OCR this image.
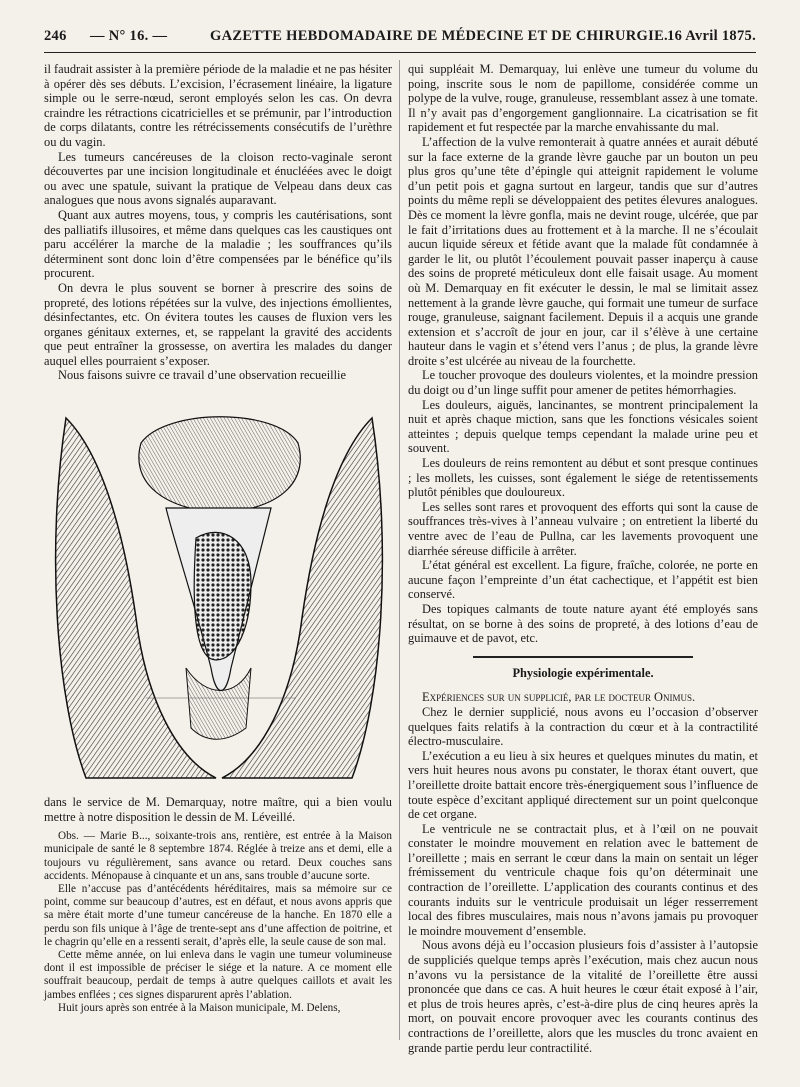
246 — N° 16. —	GAZETTE HEBDOMADAIRE DE MÉDECINE ET DE CHIRURGIE. 16 Avril 1875.

il faudrait assister à la première période de la maladie et ne pas hésiter à opérer dès ses débuts. L’excision, l’écrasement linéaire, la ligature simple ou le serre-nœud, seront employés selon les cas. On devra craindre les rétractions cicatricielles et se prémunir, par l’introduction de corps dilatants, contre les rétrécissements consécutifs de l’urèthre ou du vagin.

Les tumeurs cancéreuses de la cloison recto-vaginale seront découvertes par une incision longitudinale et énucléées avec le doigt ou avec une spatule, suivant la pratique de Velpeau dans deux cas analogues que nous avons signalés auparavant.

Quant aux autres moyens, tous, y compris les cautérisations, sont des palliatifs illusoires, et même dans quelques cas les caustiques ont paru accélérer la marche de la maladie ; les souffrances qu’ils déterminent sont donc loin d’être compensées par le bénéfice qu’ils procurent.

On devra le plus souvent se borner à prescrire des soins de propreté, des lotions répétées sur la vulve, des injections émollientes, désinfectantes, etc. On évitera toutes les causes de fluxion vers les organes génitaux externes, et, se rappelant la gravité des accidents que peut entraîner la grossesse, on avertira les malades du danger auquel elles pourraient s’exposer.

Nous faisons suivre ce travail d’une observation recueillie

dans le service de M. Demarquay, notre maître, qui a bien voulu mettre à notre disposition le dessin de M. Léveillé.

Obs. — Marie B..., soixante-trois ans, rentière, est entrée à la Maison municipale de santé le 8 septembre 1874. Réglée à treize ans et demi, elle a toujours vu régulièrement, sans avance ou retard. Deux couches sans accidents. Ménopause à cinquante et un ans, sans trouble d’aucune sorte.

Elle n’accuse pas d’antécédents héréditaires, mais sa mémoire sur ce point, comme sur beaucoup d’autres, est en défaut, et nous avons appris que sa mère était morte d’une tumeur cancéreuse de la hanche. En 1870 elle a perdu son fils unique à l’âge de trente-sept ans d’une affection de poitrine, et le chagrin qu’elle en a ressenti serait, d’après elle, la seule cause de son mal.

Cette même année, on lui enleva dans le vagin une tumeur volumineuse dont il est impossible de préciser le siége et la nature. A ce moment elle souffrait beaucoup, perdait de temps à autre quelques caillots et avait les jambes enflées ; ces signes disparurent après l’ablation.

Huit jours après son entrée à la Maison municipale, M. Delens,

qui suppléait M. Demarquay, lui enlève une tumeur du volume du poing, inscrite sous le nom de papillome, considérée comme un polype de la vulve, rouge, granuleuse, ressemblant assez à une tomate. Il n’y avait pas d’engorgement ganglionnaire. La cicatrisation se fit rapidement et fut respectée par la marche envahissante du mal.

L’affection de la vulve remonterait à quatre années et aurait débuté sur la face externe de la grande lèvre gauche par un bouton un peu plus gros qu’une tête d’épingle qui atteignit rapidement le volume d’un petit pois et gagna surtout en largeur, tandis que sur d’autres points du même repli se développaient des petites élevures analogues. Dès ce moment la lèvre gonfla, mais ne devint rouge, ulcérée, que par le fait d’irritations dues au frottement et à la marche. Il ne s’écoulait aucun liquide séreux et fétide avant que la malade fût condamnée à garder le lit, ou plutôt l’écoulement pouvait passer inaperçu à cause des soins de propreté méticuleux dont elle faisait usage. Au moment où M. Demarquay en fit exécuter le dessin, le mal se limitait assez nettement à la grande lèvre gauche, qui formait une tumeur de surface rouge, granuleuse, saignant facilement. Depuis il a acquis une grande extension et s’accroît de jour en jour, car il s’élève à une certaine hauteur dans le vagin et s’étend vers l’anus ; de plus, la grande lèvre droite s’est ulcérée au niveau de la fourchette.

Le toucher provoque des douleurs violentes, et la moindre pression du doigt ou d’un linge suffit pour amener de petites hémorrhagies.

Les douleurs, aiguës, lancinantes, se montrent principalement la nuit et après chaque miction, sans que les fonctions vésicales soient atteintes ; depuis quelque temps cependant la malade urine peu et souvent.

Les douleurs de reins remontent au début et sont presque continues ; les mollets, les cuisses, sont également le siége de retentissements plutôt pénibles que douloureux.

Les selles sont rares et provoquent des efforts qui sont la cause de souffrances très-vives à l’anneau vulvaire ; on entretient la liberté du ventre avec de l’eau de Pullna, car les lavements provoquent une diarrhée séreuse difficile à arrêter.

L’état général est excellent. La figure, fraîche, colorée, ne porte en aucune façon l’empreinte d’un état cachectique, et l’appétit est bien conservé.

Des topiques calmants de toute nature ayant été employés sans résultat, on se borne à des soins de propreté, à des lotions d’eau de guimauve et de pavot, etc.

Physiologie expérimentale.

Expériences sur un supplicié, par le docteur Onimus.

Chez le dernier supplicié, nous avons eu l’occasion d’observer quelques faits relatifs à la contraction du cœur et à la contractilité électro-musculaire.

L’exécution a eu lieu à six heures et quelques minutes du matin, et vers huit heures nous avons pu constater, le thorax étant ouvert, que l’oreillette droite battait encore très-énergiquement sous l’influence de toute espèce d’excitant appliqué directement sur un point quelconque de cet organe.

Le ventricule ne se contractait plus, et à l’œil on ne pouvait constater le moindre mouvement en relation avec le battement de l’oreillette ; mais en serrant le cœur dans la main on sentait un léger frémissement du ventricule chaque fois qu’on déterminait une contraction de l’oreillette. L’application des courants continus et des courants induits sur le ventricule produisait un léger resserrement local des fibres musculaires, mais nous n’avons jamais pu provoquer le moindre mouvement d’ensemble.

Nous avons déjà eu l’occasion plusieurs fois d’assister à l’autopsie de suppliciés quelque temps après l’exécution, mais chez aucun nous n’avons vu la persistance de la vitalité de l’oreillette être aussi prononcée que dans ce cas. A huit heures le cœur était exposé à l’air, et plus de trois heures après, c’est-à-dire plus de cinq heures après la mort, on pouvait encore provoquer avec les courants continus des contractions de l’oreillette, alors que les muscles du tronc avaient en grande partie perdu leur contractilité.
